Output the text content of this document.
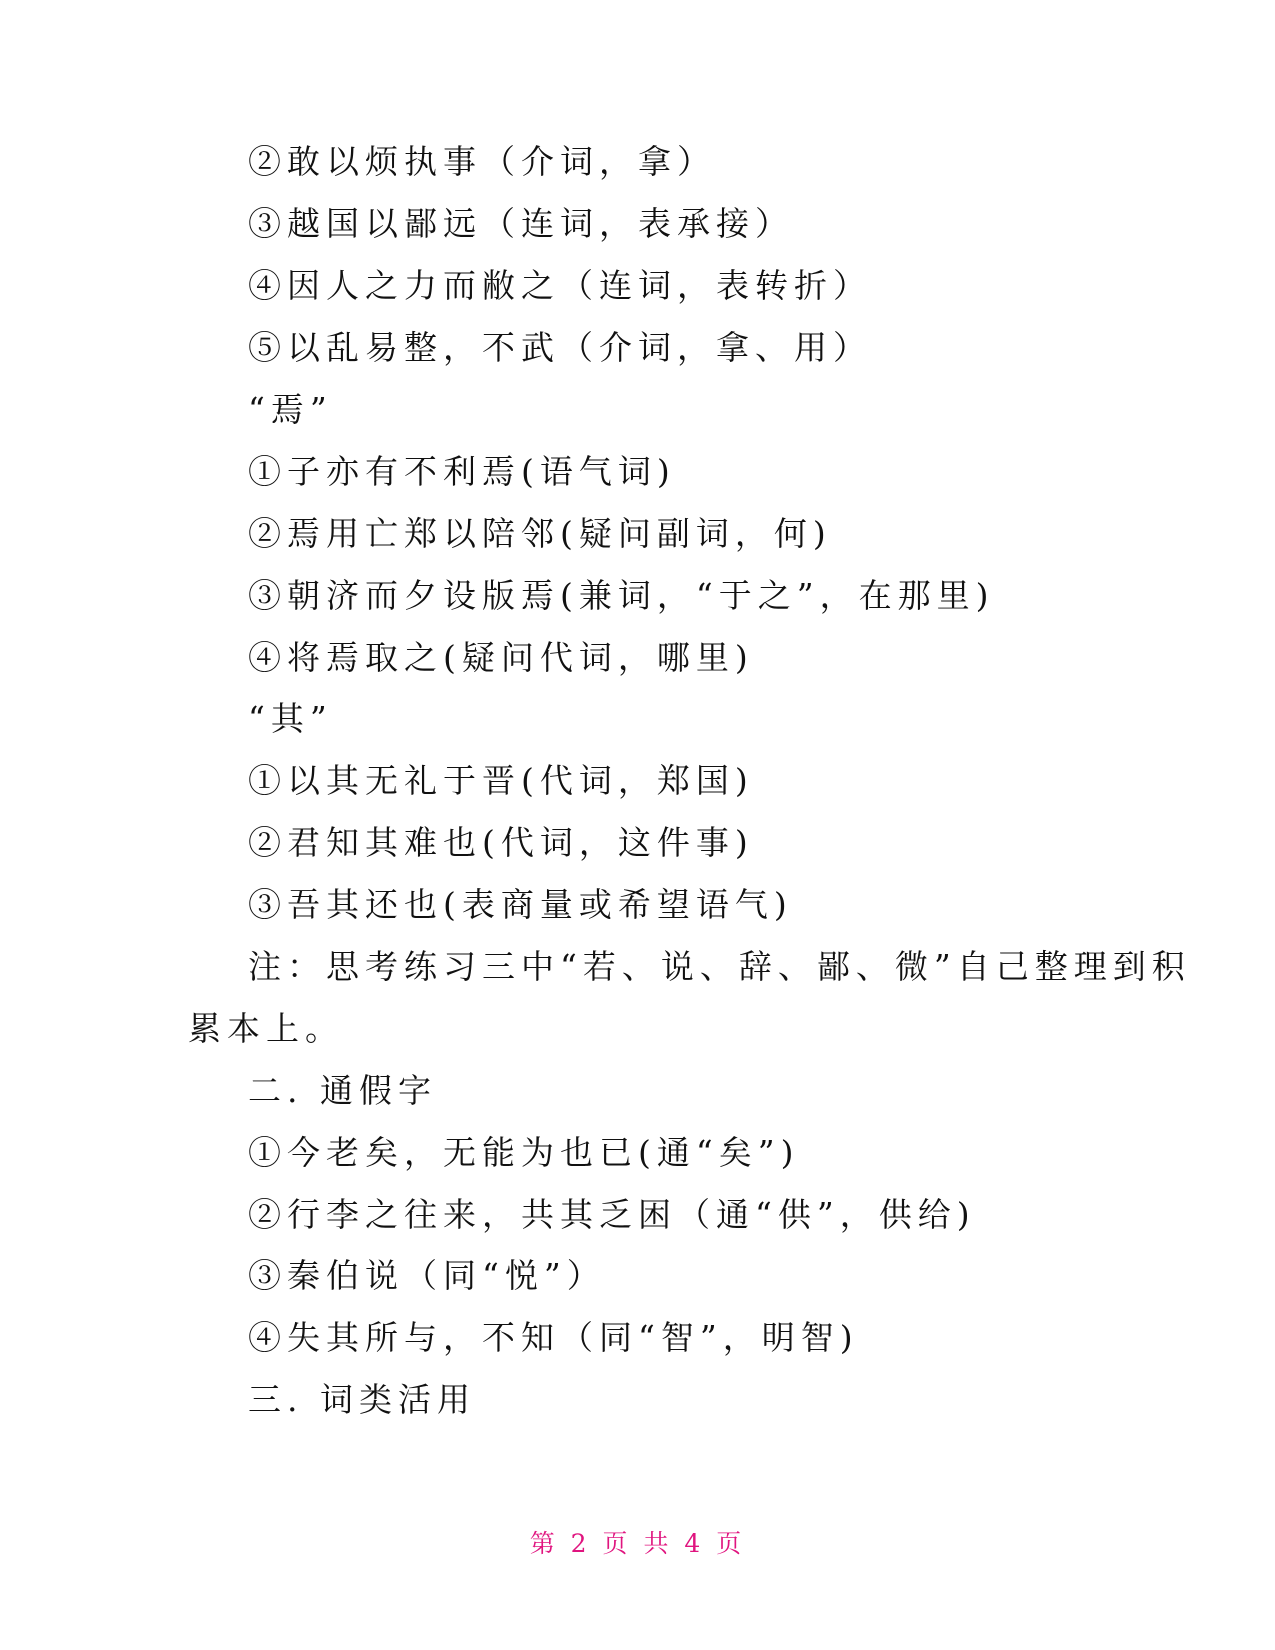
②敢以烦执事（介词，拿）
③越国以鄙远（连词，表承接）
④因人之力而敝之（连词，表转折）
⑤以乱易整，不武（介词，拿、用）
“焉”
①子亦有不利焉(语气词)
②焉用亡郑以陪邻(疑问副词，何)
③朝济而夕设版焉(兼词，“于之”，在那里)
④将焉取之(疑问代词，哪里)
“其”
①以其无礼于晋(代词，郑国)
②君知其难也(代词，这件事)
③吾其还也(表商量或希望语气)
注：思考练习三中“若、说、辞、鄙、微”自己整理到积
累本上。
二. 通假字
①今老矣，无能为也已(通“矣”)
②行李之往来，共其乏困（通“供”，供给)
③秦伯说（同“悦”）
④失其所与，不知（同“智”，明智)
三. 词类活用
第 2 页 共 4 页
